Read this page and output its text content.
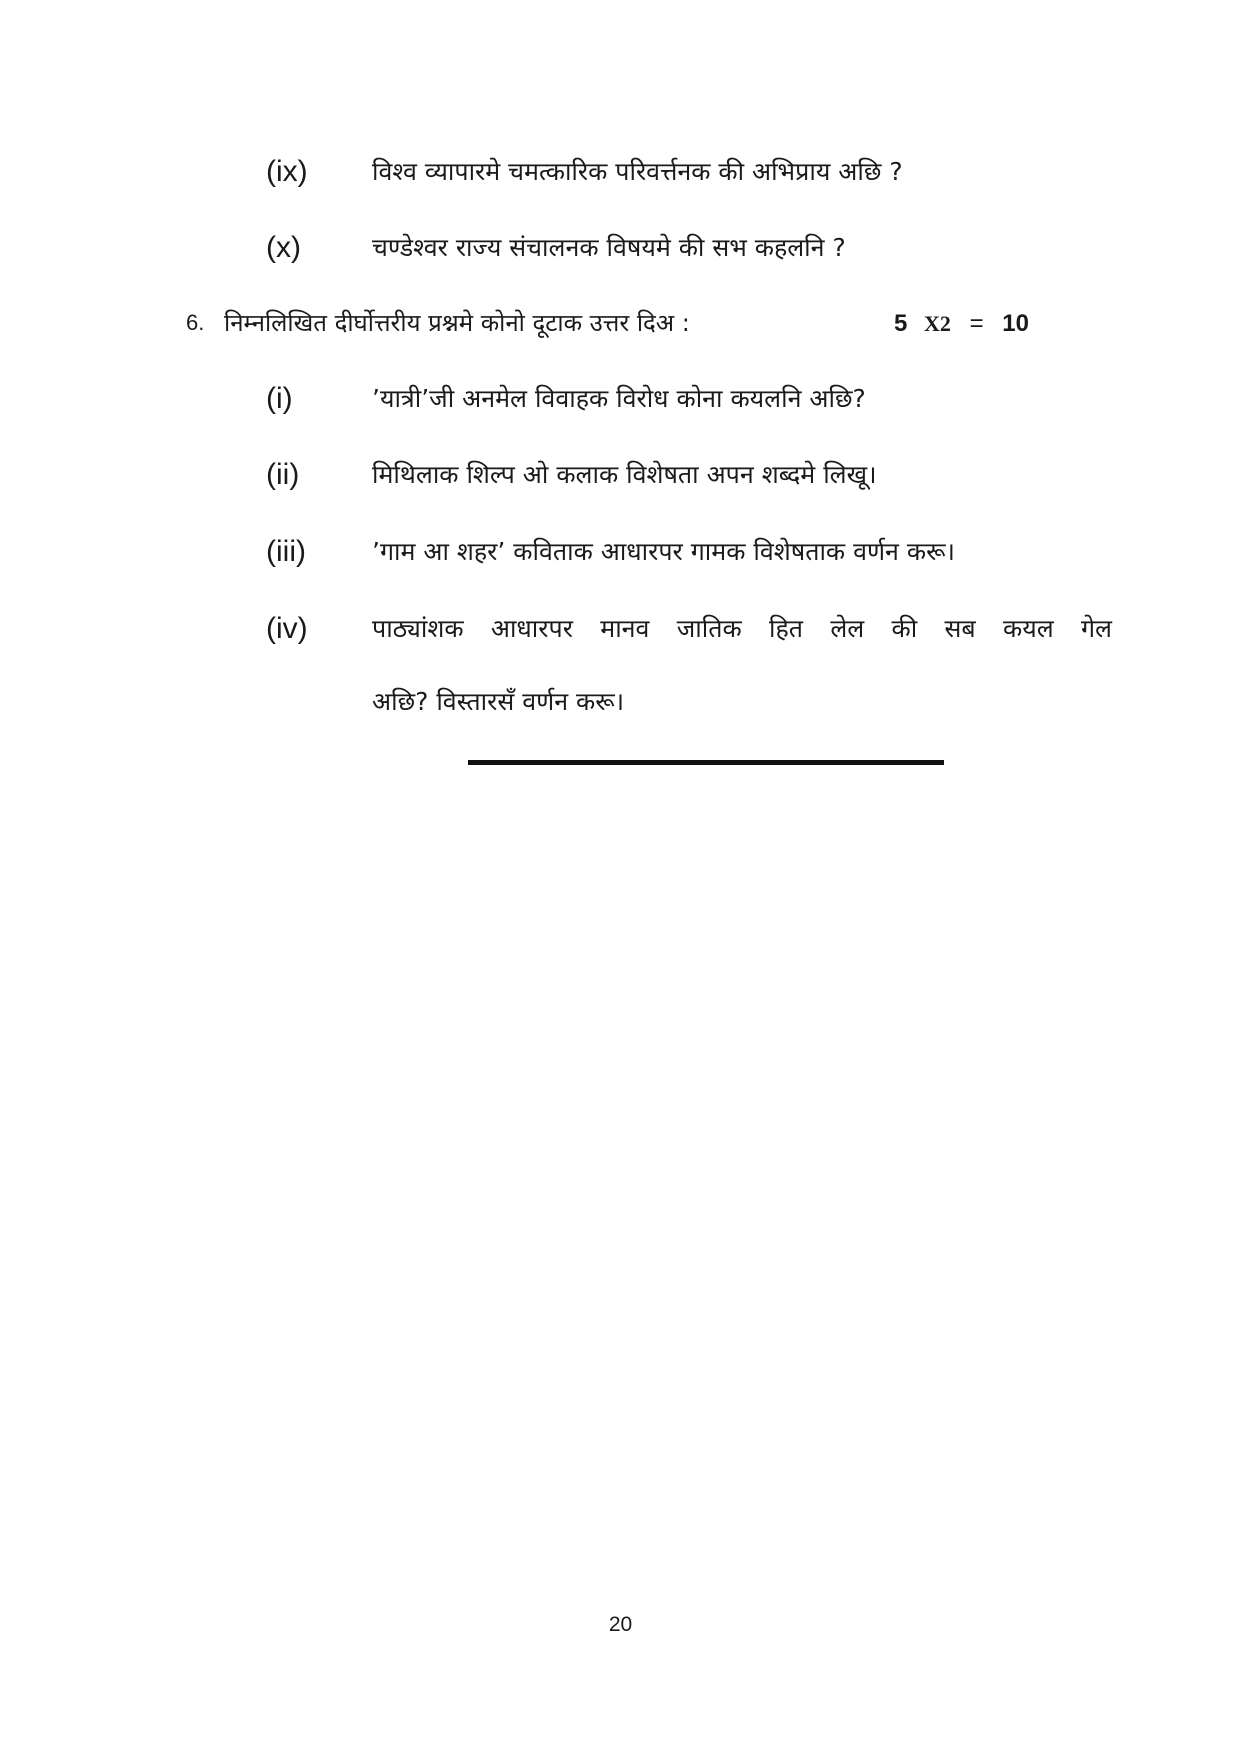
(ix)	विश्व व्यापारमे चमत्कारिक परिवर्त्तनक की अभिप्राय अछि ?
(x)	चण्डेश्वर राज्य संचालनक विषयमे की सभ कहलनि ?
6. निम्नलिखित दीर्घोत्तरीय प्रश्नमे कोनो दूटाक उत्तर दिअ :	5 X2 = 10
(i)	’यात्री’जी अनमेल विवाहक विरोध कोना कयलनि अछि?
(ii)	मिथिलाक शिल्प ओ कलाक विशेषता अपन शब्दमे लिखू।
(iii)	’गाम आ शहर’ कविताक आधारपर गामक विशेषताक वर्णन करू।
(iv)	पाठ्यांशक आधारपर मानव जातिक हित लेल की सब कयल गेल
अछि? विस्तारसँ वर्णन करू।
20
